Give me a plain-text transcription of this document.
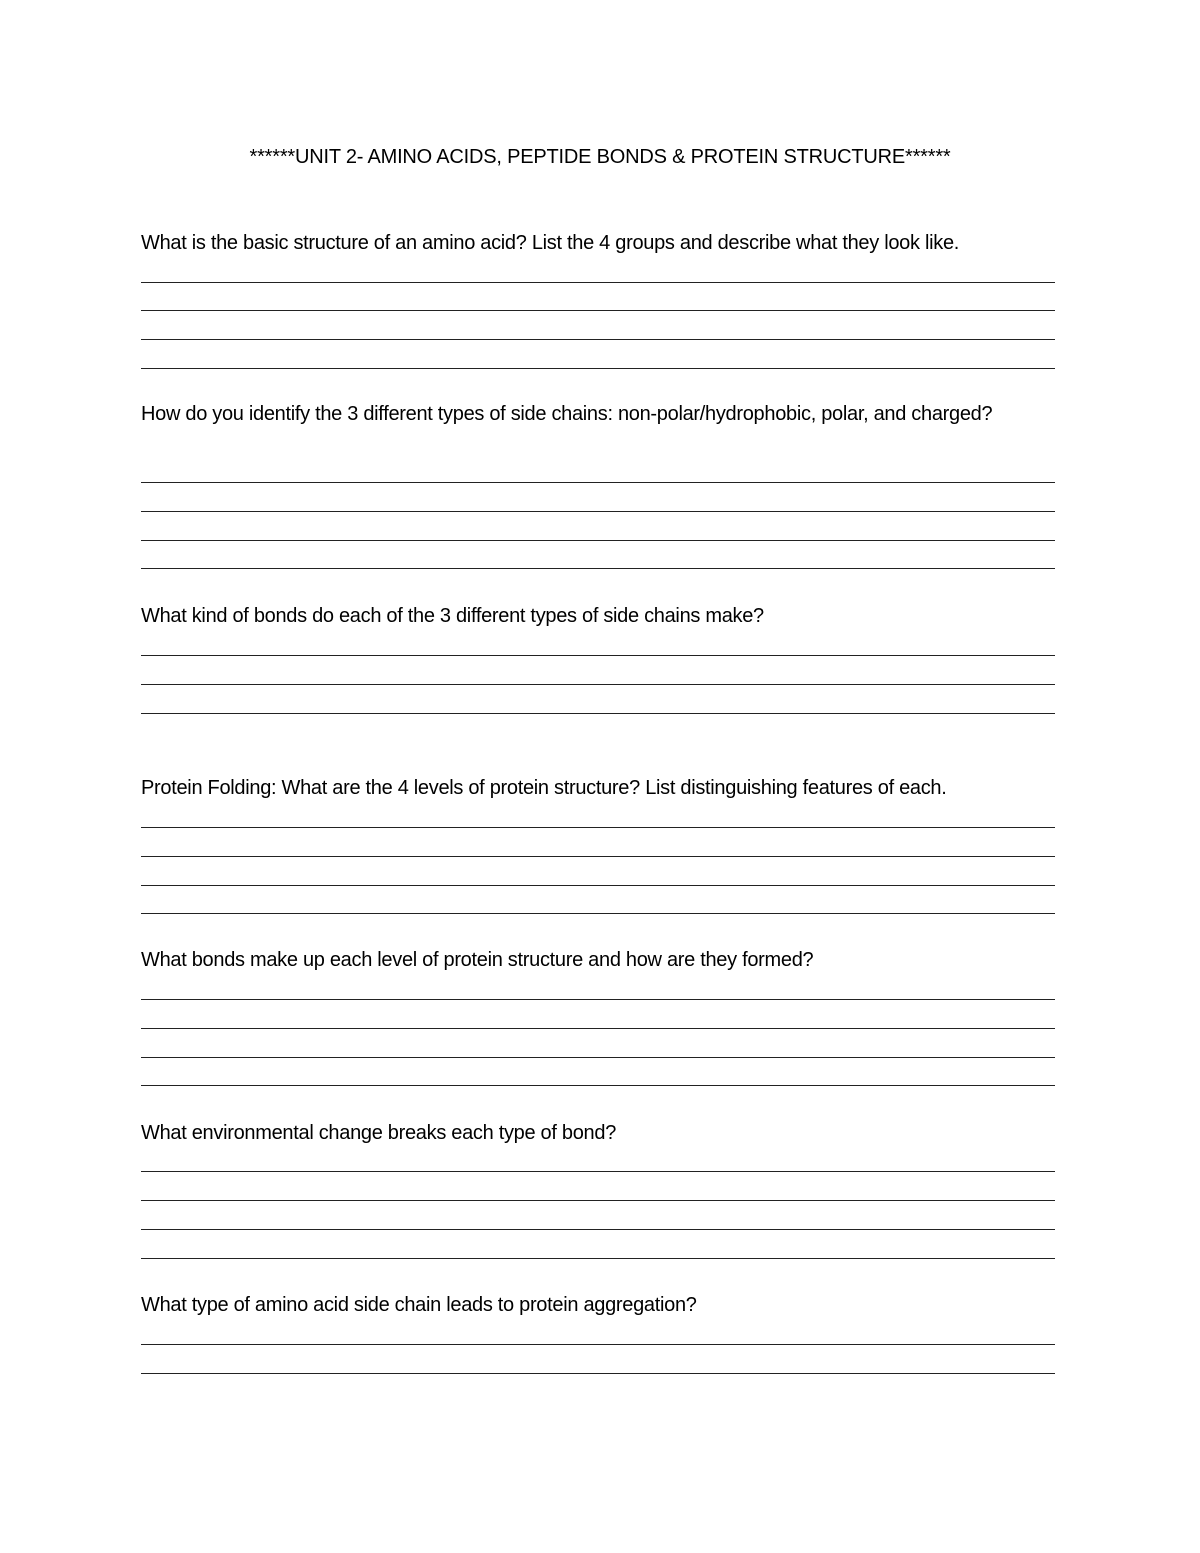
******UNIT 2- AMINO ACIDS, PEPTIDE BONDS & PROTEIN STRUCTURE******
What is the basic structure of an amino acid? List the 4 groups and describe what they look like.
How do you identify the 3 different types of side chains: non-polar/hydrophobic, polar, and charged?
What kind of bonds do each of the 3 different types of side chains make?
Protein Folding: What are the 4 levels of protein structure? List distinguishing features of each.
What bonds make up each level of protein structure and how are they formed?
What environmental change breaks each type of bond?
What type of amino acid side chain leads to protein aggregation?
